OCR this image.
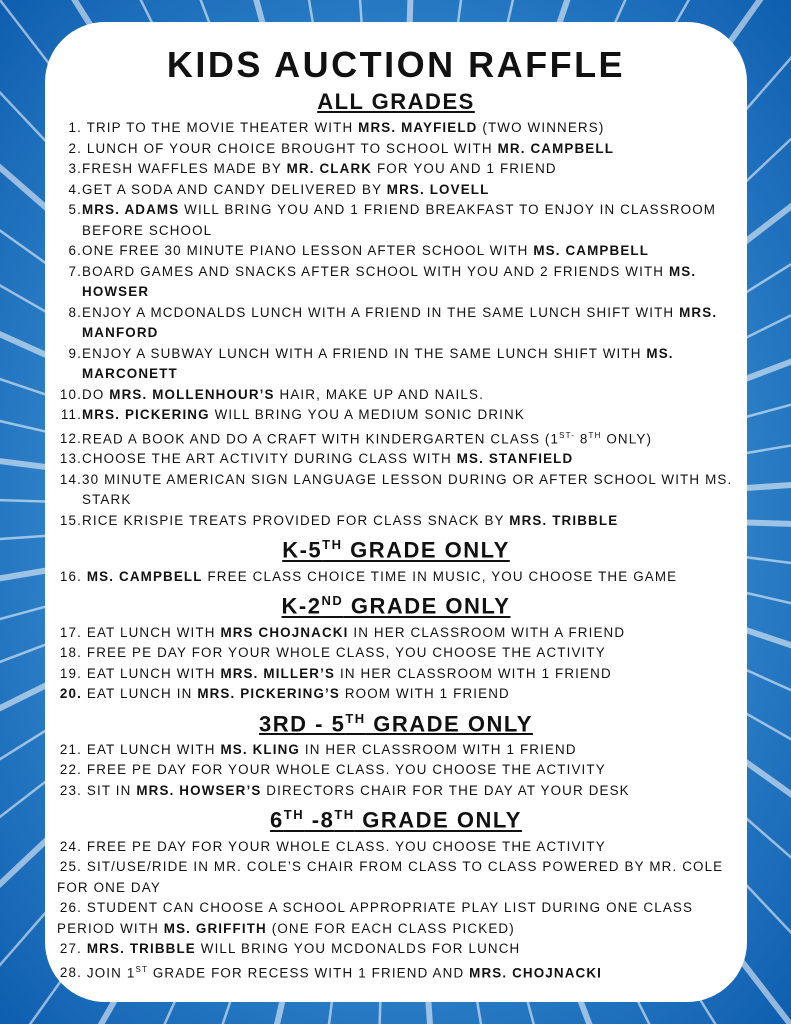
KIDS AUCTION RAFFLE
ALL GRADES
1. TRIP TO THE MOVIE THEATER WITH MRS. MAYFIELD (TWO WINNERS)
2. LUNCH OF YOUR CHOICE BROUGHT TO SCHOOL WITH MR. CAMPBELL
3.FRESH WAFFLES MADE BY MR. CLARK FOR YOU AND 1 FRIEND
4.GET A SODA AND CANDY DELIVERED BY MRS. LOVELL
5.MRS. ADAMS WILL BRING YOU AND 1 FRIEND BREAKFAST TO ENJOY IN CLASSROOM BEFORE SCHOOL
6.ONE FREE 30 MINUTE PIANO LESSON AFTER SCHOOL WITH MS. CAMPBELL
7.BOARD GAMES AND SNACKS AFTER SCHOOL WITH YOU AND 2 FRIENDS WITH MS. HOWSER
8.ENJOY A MCDONALDS LUNCH WITH A FRIEND IN THE SAME LUNCH SHIFT WITH MRS. MANFORD
9.ENJOY A SUBWAY LUNCH WITH A FRIEND IN THE SAME LUNCH SHIFT WITH MS. MARCONETT
10.DO MRS. MOLLENHOUR’S HAIR, MAKE UP AND NAILS.
11.MRS. PICKERING WILL BRING YOU A MEDIUM SONIC DRINK
12.READ A BOOK AND DO A CRAFT WITH KINDERGARTEN CLASS ($1^{ST-}$ 8TH ONLY)
13.CHOOSE THE ART ACTIVITY DURING CLASS WITH MS. STANFIELD
14.30 MINUTE AMERICAN SIGN LANGUAGE LESSON DURING OR AFTER SCHOOL WITH MS. STARK
15.RICE KRISPIE TREATS PROVIDED FOR CLASS SNACK BY MRS. TRIBBLE
K-5TH GRADE ONLY
16. MS. CAMPBELL FREE CLASS CHOICE TIME IN MUSIC, YOU CHOOSE THE GAME
K-2ND GRADE ONLY
17. EAT LUNCH WITH MRS CHOJNACKI IN HER CLASSROOM WITH A FRIEND
18. FREE PE DAY FOR YOUR WHOLE CLASS, YOU CHOOSE THE ACTIVITY
19. EAT LUNCH WITH MRS. MILLER’S IN HER CLASSROOM WITH 1 FRIEND
20. EAT LUNCH IN MRS. PICKERING’S ROOM WITH 1 FRIEND
3RD - 5TH GRADE ONLY
21. EAT LUNCH WITH MS. KLING IN HER CLASSROOM WITH 1 FRIEND
22. FREE PE DAY FOR YOUR WHOLE CLASS. YOU CHOOSE THE ACTIVITY
23. SIT IN MRS. HOWSER’S DIRECTORS CHAIR FOR THE DAY AT YOUR DESK
6TH -8TH GRADE ONLY
24. FREE PE DAY FOR YOUR WHOLE CLASS. YOU CHOOSE THE ACTIVITY
25. SIT/USE/RIDE IN MR. COLE’S CHAIR FROM CLASS TO CLASS POWERED BY MR. COLE FOR ONE DAY
26. STUDENT CAN CHOOSE A SCHOOL APPROPRIATE PLAY LIST DURING ONE CLASS PERIOD WITH MS. GRIFFITH (ONE FOR EACH CLASS PICKED)
27. MRS. TRIBBLE WILL BRING YOU MCDONALDS FOR LUNCH
28. JOIN 1ST GRADE FOR RECESS WITH 1 FRIEND AND MRS. CHOJNACKI
